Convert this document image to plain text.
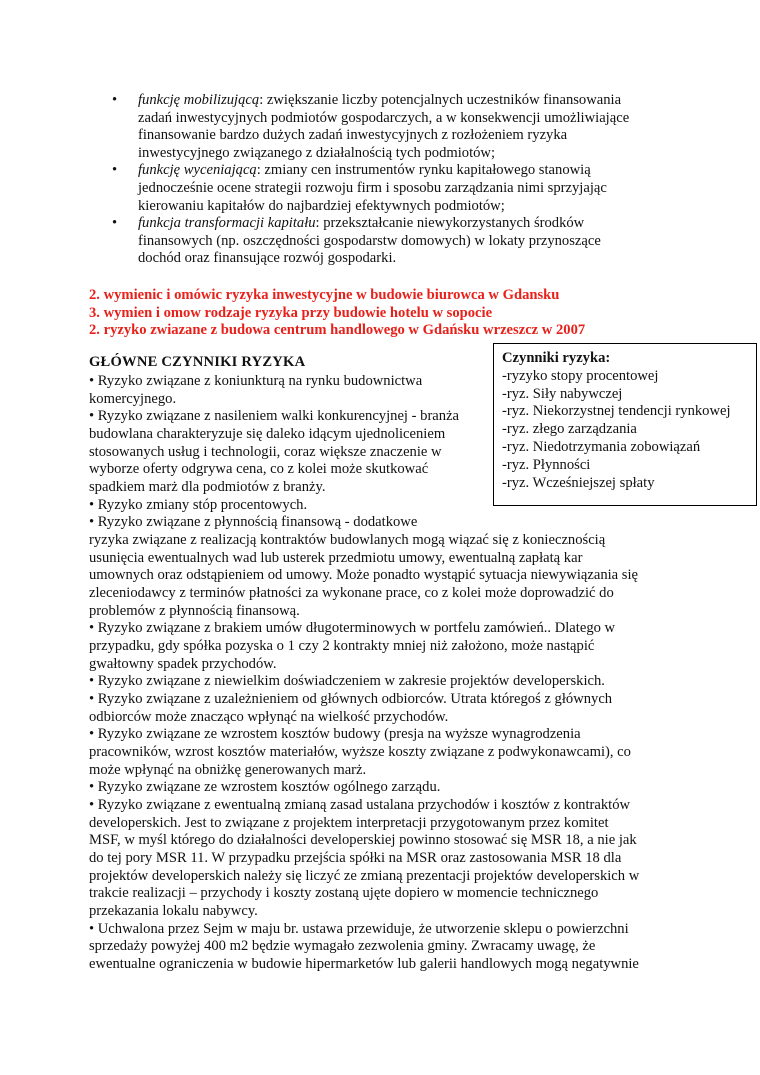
• funkcję mobilizującą: zwiększanie liczby potencjalnych uczestników finansowania
zadań inwestycyjnych podmiotów gospodarczych, a w konsekwencji umożliwiające
finansowanie bardzo dużych zadań inwestycyjnych z rozłożeniem ryzyka
inwestycyjnego związanego z działalnością tych podmiotów;
• funkcję wyceniającą: zmiany cen instrumentów rynku kapitałowego stanowią
jednocześnie ocene strategii rozwoju firm i sposobu zarządzania nimi sprzyjając
kierowaniu kapitałów do najbardziej efektywnych podmiotów;
• funkcja transformacji kapitału: przekształcanie niewykorzystanych środków
finansowych (np. oszczędności gospodarstw domowych) w lokaty przynoszące
dochód oraz finansujące rozwój gospodarki.
2. wymienic i omówic ryzyka inwestycyjne w budowie biurowca w Gdansku
3. wymien i omow rodzaje ryzyka przy budowie hotelu w sopocie
2. ryzyko zwiazane z budowa centrum handlowego w Gdańsku wrzeszcz w 2007
Czynniki ryzyka:
-ryzyko stopy procentowej
-ryz. Siły nabywczej
-ryz. Niekorzystnej tendencji rynkowej
-ryz. złego zarządzania
-ryz. Niedotrzymania zobowiązań
-ryz. Płynności
-ryz. Wcześniejszej spłaty
GŁÓWNE CZYNNIKI RYZYKA
• Ryzyko związane z koniunkturą na rynku budownictwa
komercyjnego.
• Ryzyko związane z nasileniem walki konkurencyjnej - branża
budowlana charakteryzuje się daleko idącym ujednoliceniem
stosowanych usług i technologii, coraz większe znaczenie w
wyborze oferty odgrywa cena, co z kolei może skutkować
spadkiem marż dla podmiotów z branży.
• Ryzyko zmiany stóp procentowych.
• Ryzyko związane z płynnością finansową - dodatkowe
ryzyka związane z realizacją kontraktów budowlanych mogą wiązać się z koniecznością
usunięcia ewentualnych wad lub usterek przedmiotu umowy, ewentualną zapłatą kar
umownych oraz odstąpieniem od umowy. Może ponadto wystąpić sytuacja niewywiązania się
zleceniodawcy z terminów płatności za wykonane prace, co z kolei może doprowadzić do
problemów z płynnością finansową.
• Ryzyko związane z brakiem umów długoterminowych w portfelu zamówień.. Dlatego w
przypadku, gdy spółka pozyska o 1 czy 2 kontrakty mniej niż założono, może nastąpić
gwałtowny spadek przychodów.
• Ryzyko związane z niewielkim doświadczeniem w zakresie projektów developerskich.
• Ryzyko związane z uzależnieniem od głównych odbiorców. Utrata któregoś z głównych
odbiorców może znacząco wpłynąć na wielkość przychodów.
• Ryzyko związane ze wzrostem kosztów budowy (presja na wyższe wynagrodzenia
pracowników, wzrost kosztów materiałów, wyższe koszty związane z podwykonawcami), co
może wpłynąć na obniżkę generowanych marż.
• Ryzyko związane ze wzrostem kosztów ogólnego zarządu.
• Ryzyko związane z ewentualną zmianą zasad ustalana przychodów i kosztów z kontraktów
developerskich. Jest to związane z projektem interpretacji przygotowanym przez komitet
MSF, w myśl którego do działalności developerskiej powinno stosować się MSR 18, a nie jak
do tej pory MSR 11. W przypadku przejścia spółki na MSR oraz zastosowania MSR 18 dla
projektów developerskich należy się liczyć ze zmianą prezentacji projektów developerskich w
trakcie realizacji – przychody i koszty zostaną ujęte dopiero w momencie technicznego
przekazania lokalu nabywcy.
• Uchwalona przez Sejm w maju br. ustawa przewiduje, że utworzenie sklepu o powierzchni
sprzedaży powyżej 400 m2 będzie wymagało zezwolenia gminy. Zwracamy uwagę, że
ewentualne ograniczenia w budowie hipermarketów lub galerii handlowych mogą negatywnie
